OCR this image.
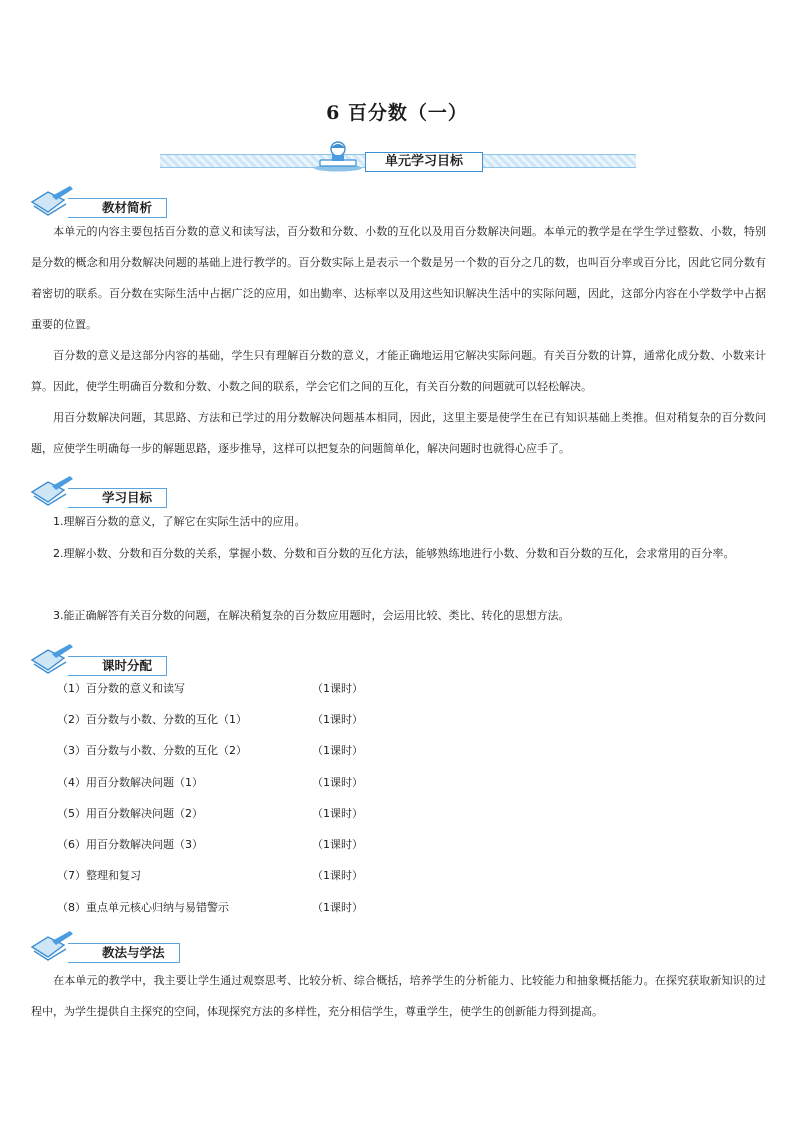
6 百分数（一）
单元学习目标
教材简析
本单元的内容主要包括百分数的意义和读写法，百分数和分数、小数的互化以及用百分数解决问题。本单元的教学是在学生学过整数、小数，特别是分数的概念和用分数解决问题的基础上进行教学的。百分数实际上是表示一个数是另一个数的百分之几的数，也叫百分率或百分比，因此它同分数有着密切的联系。百分数在实际生活中占据广泛的应用，如出勤率、达标率以及用这些知识解决生活中的实际问题，因此，这部分内容在小学数学中占据重要的位置。
百分数的意义是这部分内容的基础，学生只有理解百分数的意义，才能正确地运用它解决实际问题。有关百分数的计算，通常化成分数、小数来计算。因此，使学生明确百分数和分数、小数之间的联系，学会它们之间的互化，有关百分数的问题就可以轻松解决。
用百分数解决问题，其思路、方法和已学过的用分数解决问题基本相同，因此，这里主要是使学生在已有知识基础上类推。但对稍复杂的百分数问题，应使学生明确每一步的解题思路，逐步推导，这样可以把复杂的问题简单化，解决问题时也就得心应手了。
学习目标
1.理解百分数的意义，了解它在实际生活中的应用。
2.理解小数、分数和百分数的关系，掌握小数、分数和百分数的互化方法，能够熟练地进行小数、分数和百分数的互化，会求常用的百分率。
3.能正确解答有关百分数的问题，在解决稍复杂的百分数应用题时，会运用比较、类比、转化的思想方法。
课时分配
（1）百分数的意义和读写	（1课时）
（2）百分数与小数、分数的互化（1）	（1课时）
（3）百分数与小数、分数的互化（2）	（1课时）
（4）用百分数解决问题（1）	（1课时）
（5）用百分数解决问题（2）	（1课时）
（6）用百分数解决问题（3）	（1课时）
（7）整理和复习	（1课时）
（8）重点单元核心归纳与易错警示	（1课时）
教法与学法
在本单元的教学中，我主要让学生通过观察思考、比较分析、综合概括，培养学生的分析能力、比较能力和抽象概括能力。在探究获取新知识的过程中，为学生提供自主探究的空间，体现探究方法的多样性，充分相信学生，尊重学生，使学生的创新能力得到提高。
